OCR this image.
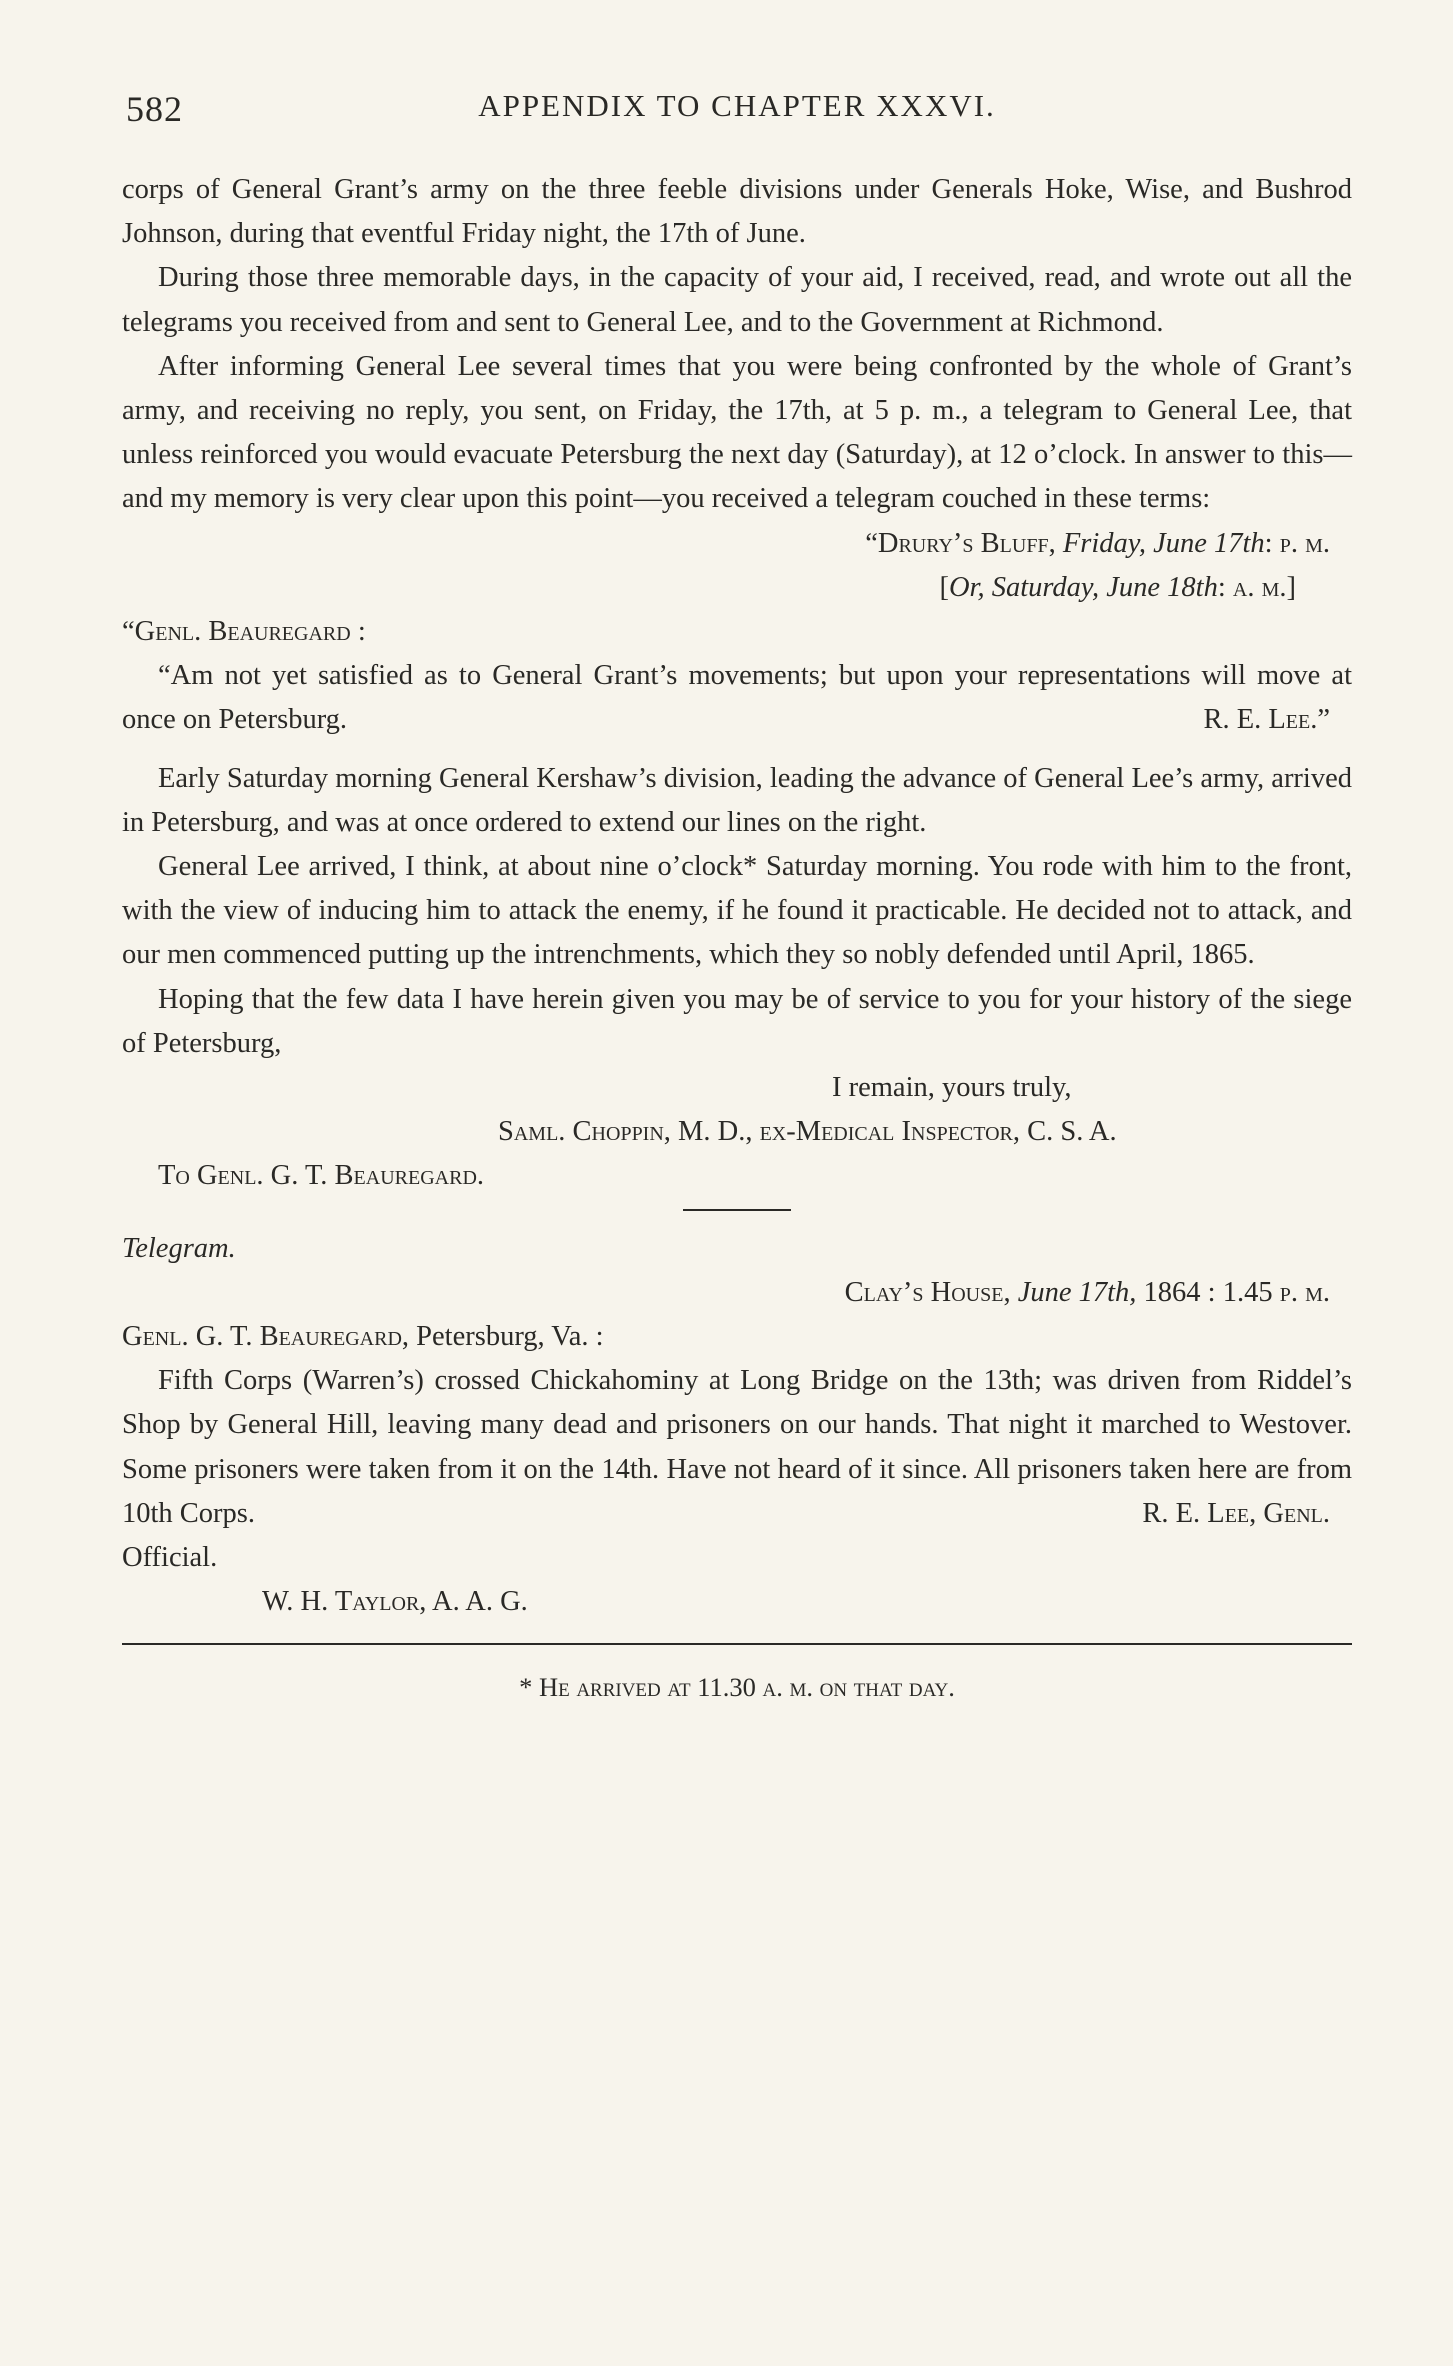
582	APPENDIX TO CHAPTER XXXVI.

corps of General Grant’s army on the three feeble divisions under Generals Hoke, Wise, and Bushrod Johnson, during that eventful Friday night, the 17th of June.

During those three memorable days, in the capacity of your aid, I received, read, and wrote out all the telegrams you received from and sent to General Lee, and to the Government at Richmond.

After informing General Lee several times that you were being confronted by the whole of Grant’s army, and receiving no reply, you sent, on Friday, the 17th, at 5 p. m., a telegram to General Lee, that unless reinforced you would evacuate Petersburg the next day (Saturday), at 12 o’clock. In answer to this—and my memory is very clear upon this point—you received a telegram couched in these terms:

“Drury’s Bluff, Friday, June 17th: p. m.
[Or, Saturday, June 18th: a. m.]
“Genl. Beauregard :

“Am not yet satisfied as to General Grant’s movements; but upon your representations will move at once on Petersburg.	R. E. Lee.”

Early Saturday morning General Kershaw’s division, leading the advance of General Lee’s army, arrived in Petersburg, and was at once ordered to extend our lines on the right.

General Lee arrived, I think, at about nine o’clock* Saturday morning. You rode with him to the front, with the view of inducing him to attack the enemy, if he found it practicable. He decided not to attack, and our men commenced putting up the intrenchments, which they so nobly defended until April, 1865.

Hoping that the few data I have herein given you may be of service to you for your history of the siege of Petersburg,

I remain, yours truly,
Saml. Choppin, M. D., ex-Medical Inspector, C. S. A.
To Genl. G. T. Beauregard.
Telegram.
Clay’s House, June 17th, 1864 : 1.45 p. m.
Genl. G. T. Beauregard, Petersburg, Va. :

Fifth Corps (Warren’s) crossed Chickahominy at Long Bridge on the 13th; was driven from Riddel’s Shop by General Hill, leaving many dead and prisoners on our hands. That night it marched to Westover. Some prisoners were taken from it on the 14th. Have not heard of it since. All prisoners taken here are from 10th Corps.	R. E. Lee, Genl.

Official.
W. H. Taylor, A. A. G.
* He arrived at 11.30 a. m. on that day.
